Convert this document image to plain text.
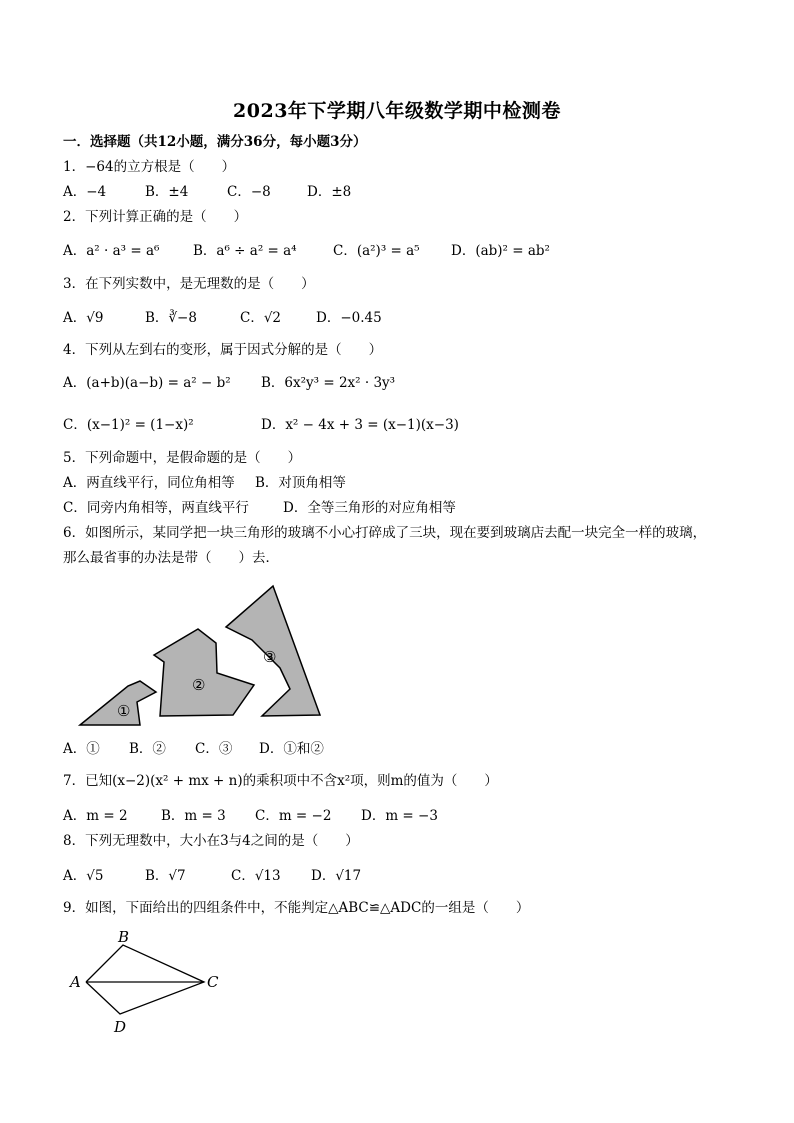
2023年下学期八年级数学期中检测卷
一．选择题（共12小题，满分36分，每小题3分）
1．−64的立方根是（　　）
A．−4	B．±4	C．−8	D．±8
2．下列计算正确的是（　　）
A．a² · a³ = a⁶ B．a⁶ ÷ a² = a⁴	C．(a²)³ = a⁵ D．(ab)² = ab²
3．在下列实数中，是无理数的是（　　）
A．√9	B．∛−8	C．√2	D．−0.45
4．下列从左到右的变形，属于因式分解的是（　　）
A．(a+b)(a−b) = a² − b² B．6x²y³ = 2x² · 3y³
C．(x−1)² = (1−x)²	D．x² − 4x + 3 = (x−1)(x−3)
5．下列命题中，是假命题的是（　　）
A．两直线平行，同位角相等 B．对顶角相等
C．同旁内角相等，两直线平行	D．全等三角形的对应角相等
6．如图所示，某同学把一块三角形的玻璃不小心打碎成了三块，现在要到玻璃店去配一块完全一样的玻璃，
那么最省事的办法是带（　　）去．
①
②
③
A．① B．② C．③ D．①和②
7．已知(x−2)(x² + mx + n)的乘积项中不含x²项，则m的值为（　　）
A．m = 2 B．m = 3 C．m = −2 D．m = −3
8．下列无理数中，大小在3与4之间的是（　　）
A．√5	B．√7	C．√13 D．√17
9．如图，下面给出的四组条件中，不能判定△ABC≌△ADC的一组是（　　）
B
A	C
D
